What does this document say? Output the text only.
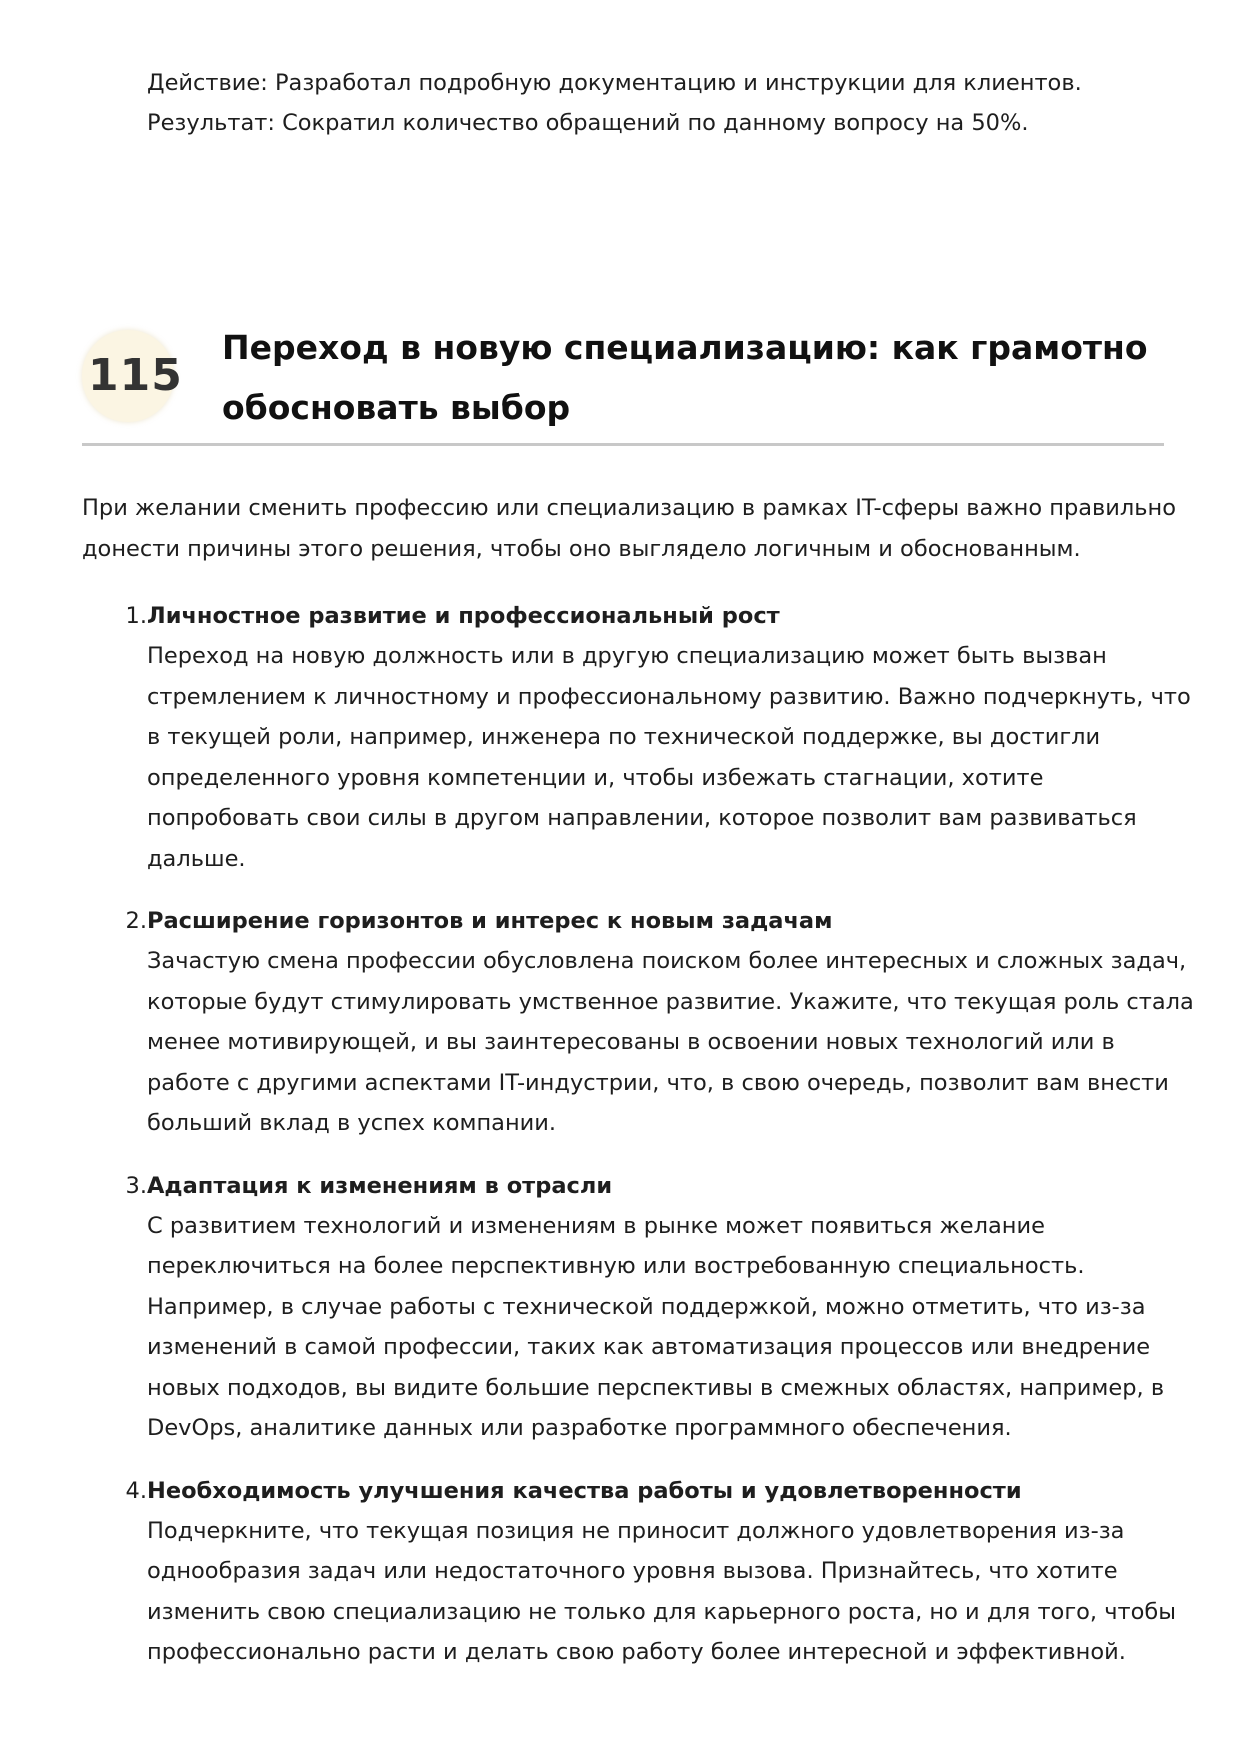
Действие: Разработал подробную документацию и инструкции для клиентов.
Результат: Сократил количество обращений по данному вопросу на 50%.
115
Переход в новую специализацию: как грамотно
обосновать выбор
При желании сменить профессию или специализацию в рамках IT-сферы важно правильно
донести причины этого решения, чтобы оно выглядело логичным и обоснованным.
1. Личностное развитие и профессиональный рост
Переход на новую должность или в другую специализацию может быть вызван
стремлением к личностному и профессиональному развитию. Важно подчеркнуть, что
в текущей роли, например, инженера по технической поддержке, вы достигли
определенного уровня компетенции и, чтобы избежать стагнации, хотите
попробовать свои силы в другом направлении, которое позволит вам развиваться
дальше.
2. Расширение горизонтов и интерес к новым задачам
Зачастую смена профессии обусловлена поиском более интересных и сложных задач,
которые будут стимулировать умственное развитие. Укажите, что текущая роль стала
менее мотивирующей, и вы заинтересованы в освоении новых технологий или в
работе с другими аспектами IT-индустрии, что, в свою очередь, позволит вам внести
больший вклад в успех компании.
3. Адаптация к изменениям в отрасли
С развитием технологий и изменениям в рынке может появиться желание
переключиться на более перспективную или востребованную специальность.
Например, в случае работы с технической поддержкой, можно отметить, что из-за
изменений в самой профессии, таких как автоматизация процессов или внедрение
новых подходов, вы видите большие перспективы в смежных областях, например, в
DevOps, аналитике данных или разработке программного обеспечения.
4. Необходимость улучшения качества работы и удовлетворенности
Подчеркните, что текущая позиция не приносит должного удовлетворения из-за
однообразия задач или недостаточного уровня вызова. Признайтесь, что хотите
изменить свою специализацию не только для карьерного роста, но и для того, чтобы
профессионально расти и делать свою работу более интересной и эффективной.
